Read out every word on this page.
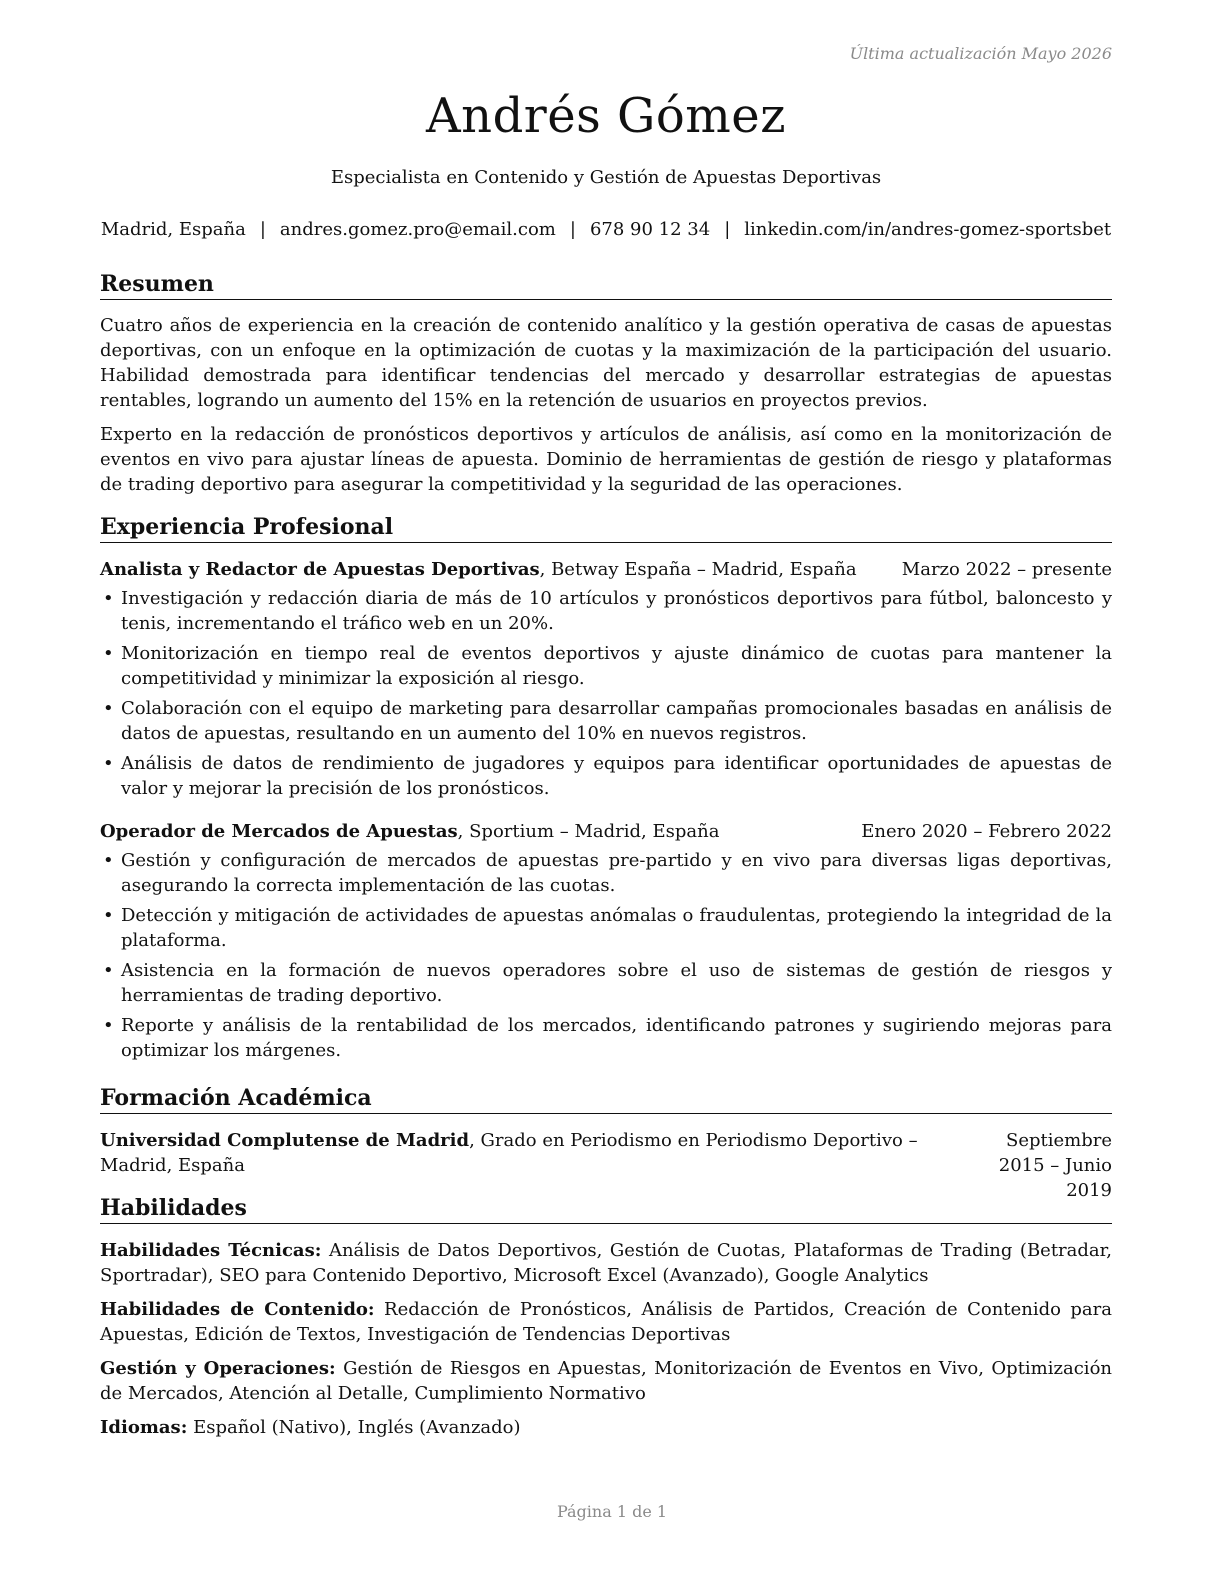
Última actualización Mayo 2026
Andrés Gómez
Especialista en Contenido y Gestión de Apuestas Deportivas
Madrid, España | andres.gomez.pro@email.com | 678 90 12 34 | linkedin.com/in/andres-gomez-sportsbet
Resumen

Cuatro años de experiencia en la creación de contenido analítico y la gestión operativa de casas de apuestas deportivas, con un enfoque en la optimización de cuotas y la maximización de la participación del usuario. Habilidad demostrada para identificar tendencias del mercado y desarrollar estrategias de apuestas rentables, logrando un aumento del 15% en la retención de usuarios en proyectos previos.

Experto en la redacción de pronósticos deportivos y artículos de análisis, así como en la monitorización de eventos en vivo para ajustar líneas de apuesta. Dominio de herramientas de gestión de riesgo y plataformas de trading deportivo para asegurar la competitividad y la seguridad de las operaciones.

Experiencia Profesional
Analista y Redactor de Apuestas Deportivas, Betway España – Madrid, España	Marzo 2022 – presente
• Investigación y redacción diaria de más de 10 artículos y pronósticos deportivos para fútbol, baloncesto y tenis, incrementando el tráfico web en un 20%.
• Monitorización en tiempo real de eventos deportivos y ajuste dinámico de cuotas para mantener la competitividad y minimizar la exposición al riesgo.
• Colaboración con el equipo de marketing para desarrollar campañas promocionales basadas en análisis de datos de apuestas, resultando en un aumento del 10% en nuevos registros.
• Análisis de datos de rendimiento de jugadores y equipos para identificar oportunidades de apuestas de valor y mejorar la precisión de los pronósticos.
Operador de Mercados de Apuestas, Sportium – Madrid, España	Enero 2020 – Febrero 2022
• Gestión y configuración de mercados de apuestas pre-partido y en vivo para diversas ligas deportivas, asegurando la correcta implementación de las cuotas.
• Detección y mitigación de actividades de apuestas anómalas o fraudulentas, protegiendo la integridad de la plataforma.
• Asistencia en la formación de nuevos operadores sobre el uso de sistemas de gestión de riesgos y herramientas de trading deportivo.
• Reporte y análisis de la rentabilidad de los mercados, identificando patrones y sugiriendo mejoras para optimizar los márgenes.
Formación Académica
Universidad Complutense de Madrid, Grado en Periodismo en Periodismo Deportivo –
Madrid, España
Septiembre 2015 – Junio 2019
Habilidades

Habilidades Técnicas: Análisis de Datos Deportivos, Gestión de Cuotas, Plataformas de Trading (Betradar, Sportradar), SEO para Contenido Deportivo, Microsoft Excel (Avanzado), Google Analytics

Habilidades de Contenido: Redacción de Pronósticos, Análisis de Partidos, Creación de Contenido para Apuestas, Edición de Textos, Investigación de Tendencias Deportivas

Gestión y Operaciones: Gestión de Riesgos en Apuestas, Monitorización de Eventos en Vivo, Optimización de Mercados, Atención al Detalle, Cumplimiento Normativo

Idiomas: Español (Nativo), Inglés (Avanzado)

Página 1 de 1
